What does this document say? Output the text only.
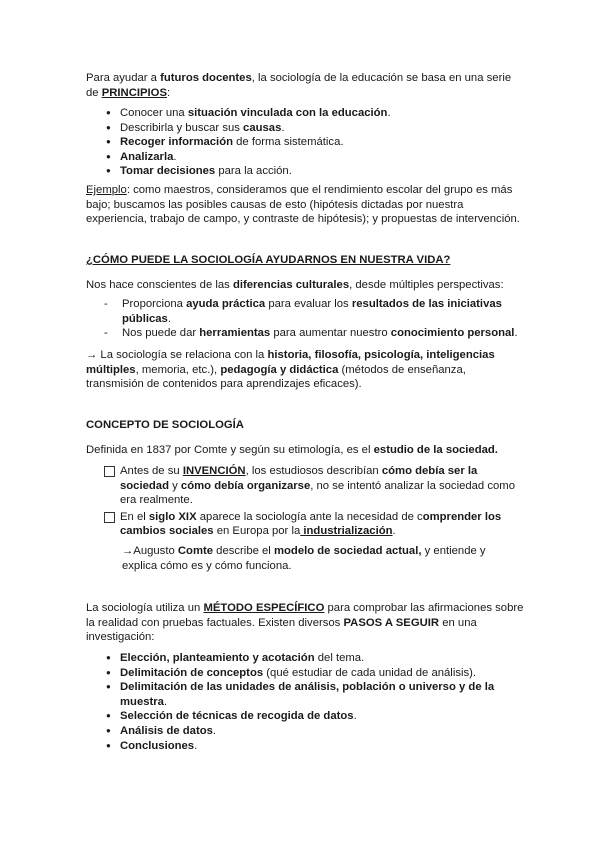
Para ayudar a futuros docentes, la sociología de la educación se basa en una serie de PRINCIPIOS:

● Conocer una situación vinculada con la educación.
● Describirla y buscar sus causas.
● Recoger información de forma sistemática.
● Analizarla.
● Tomar decisiones para la acción.

Ejemplo: como maestros, consideramos que el rendimiento escolar del grupo es más bajo; buscamos las posibles causas de esto (hipótesis dictadas por nuestra experiencia, trabajo de campo, y contraste de hipótesis); y propuestas de intervención.

¿CÓMO PUEDE LA SOCIOLOGÍA AYUDARNOS EN NUESTRA VIDA?

Nos hace conscientes de las diferencias culturales, desde múltiples perspectivas:

- Proporciona ayuda práctica para evaluar los resultados de las iniciativas públicas.
- Nos puede dar herramientas para aumentar nuestro conocimiento personal.

→ La sociología se relaciona con la historia, filosofía, psicología, inteligencias múltiples, memoria, etc.), pedagogía y didáctica (métodos de enseñanza, transmisión de contenidos para aprendizajes eficaces).

CONCEPTO DE SOCIOLOGÍA

Definida en 1837 por Comte y según su etimología, es el estudio de la sociedad.

Antes de su INVENCIÓN, los estudiosos describían cómo debía ser la sociedad y cómo debía organizarse, no se intentó analizar la sociedad como era realmente.
En el siglo XIX aparece la sociología ante la necesidad de comprender los cambios sociales en Europa por la industrialización.

→Augusto Comte describe el modelo de sociedad actual, y entiende y explica cómo es y cómo funciona.

La sociología utiliza un MÉTODO ESPECÍFICO para comprobar las afirmaciones sobre la realidad con pruebas factuales. Existen diversos PASOS A SEGUIR en una investigación:

● Elección, planteamiento y acotación del tema.
● Delimitación de conceptos (qué estudiar de cada unidad de análisis).
● Delimitación de las unidades de análisis, población o universo y de la muestra.
● Selección de técnicas de recogida de datos.
● Análisis de datos.
● Conclusiones.
